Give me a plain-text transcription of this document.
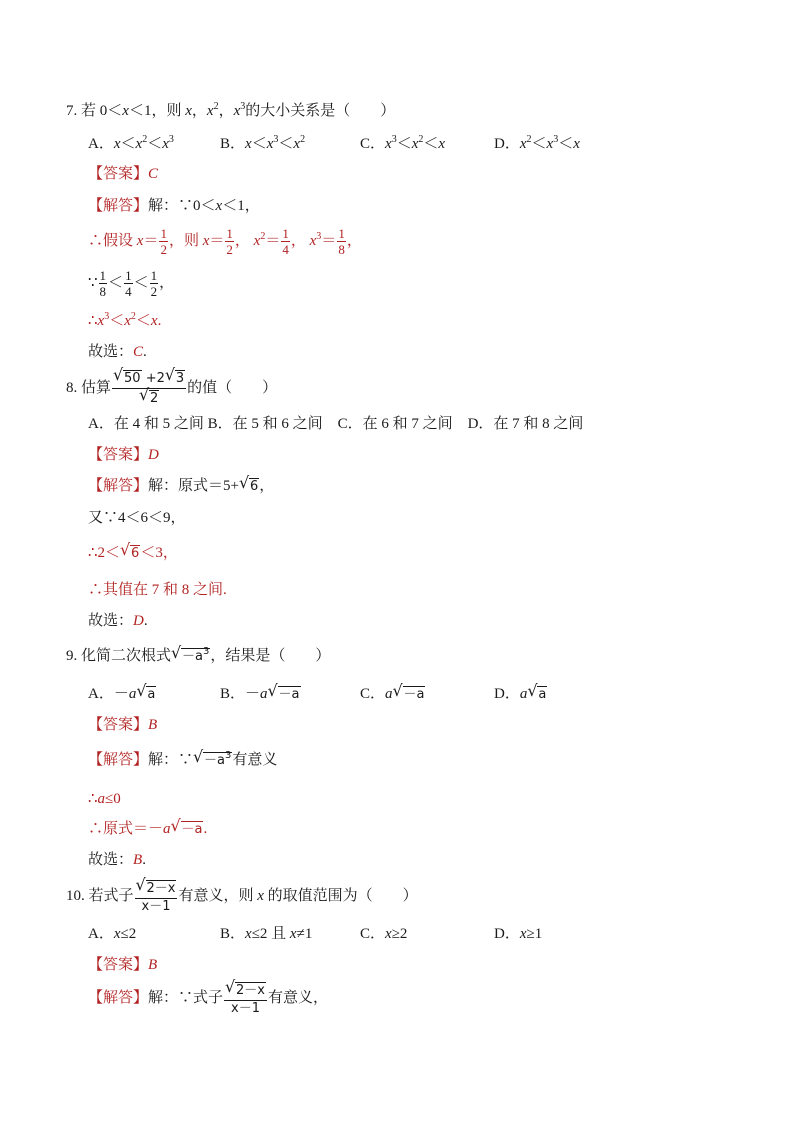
7. 若 0＜x＜1，则 x，$x^2$，$x^3$的大小关系是（　　）
A．$x<x^2<x^3$	B．$x<x^3<x^2$	C．$x^3<x^2<x$	D．$x^2<x^3<x$
【答案】C
【解答】解：∵0＜x＜1，
∴假设 $x= \frac{1}{2}$ ，则 $x= \frac{1}{2}$ ， $x^2= \frac{1}{4}$ ， $x^3= \frac{1}{8}$ ，
∵ $\frac{1}{8} < \frac{1}{4} < \frac{1}{2}$ ，
$\therefore x^3<x^2<x$.
故选：C.
8. 估算 √ 50 +2 √ 3
√ 2 的值（　　）
A．在 4 和 5 之间 B．在 5 和 6 之间　C．在 6 和 7 之间　D．在 7 和 8 之间
【答案】D
【解答】解：原式＝5+ √ 6，
又∵4＜6＜9，
∴2＜ √ 6＜3，
∴其值在 7 和 8 之间.
故选：D.
9. 化简二次根式 √ $-a^3$，结果是（　　）
A．－a √ a	B．－a √ －a	C．a √ －a	D．a √ a
【答案】B
【解答】解：∵ √ $-a^3$有意义
∴a≤0
∴原式＝－a √ －a.
故选：B.
10. 若式子 √ $\frac{2-x}{x-1}$ 有意义，则 x 的取值范围为（　　）
A．x≤2	B．x≤2 且 x≠1	C．x≥2	D．x≥1
【答案】B
【解答】解：∵式子 √ $\frac{2-x}{x-1}$ 有意义，
